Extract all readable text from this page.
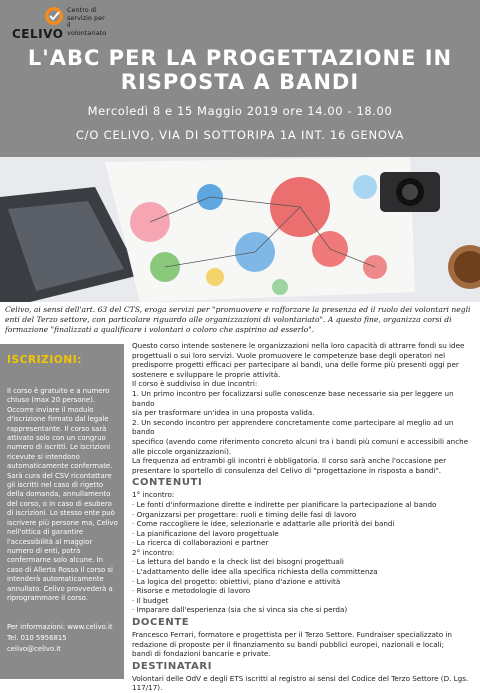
CELIVO
Centro di
servizio per il
volontariato
L'ABC PER LA PROGETTAZIONE IN
RISPOSTA A BANDI
Mercoledì 8 e 15 Maggio 2019 ore 14.00 - 18.00
C/O CELIVO, VIA DI SOTTORIPA 1A INT. 16 GENOVA
Celivo, ai sensi dell'art. 63 del CTS, eroga servizi per "promuovere e rafforzare la presenza ed il ruolo dei volontari negli enti del Terzo settore, con particolare riguardo alle organizzazioni di volontariato". A questo fine, organizza corsi di formazione "finalizzati a qualificare i volontari o coloro che aspirino ad esserlo".
ISCRIZIONI:
Il corso è gratuito e a numero chiuso (max 20 persone). Occorre inviare il modulo d'iscrizione firmato dal legale rappresentante. Il corso sarà attivato solo con un congruo numero di iscritti. Le iscrizioni ricevute si intendono automaticamente confermate. Sarà cura del CSV ricontattare gli iscritti nel caso di rigetto della domanda, annullamento del corso, o in caso di esubero di iscrizioni. Lo stesso ente può iscrivere più persone ma, Celivo nell'ottica di garantire l'accessibilità al maggior numero di enti, potrà confermarne solo alcune. In caso di Allerta Rossa il corso si intenderà automaticamente annullato. Celivo provvederà a riprogrammare il corso.
Per informazioni: www.celivo.it
Tel. 010 5956815
celivo@celivo.it

Questo corso intende sostenere le organizzazioni nella loro capacità di attrarre fondi su idee

progettuali o sui loro servizi. Vuole promuovere le competenze base degli operatori nel

predisporre progetti efficaci per partecipare ai bandi, una delle forme più presenti oggi per

sostenere e sviluppare le proprie attività.

Il corso è suddiviso in due incontri:

1. Un primo incontro per focalizzarsi sulle conoscenze base necessarie sia per leggere un bando

sia per trasformare un'idea in una proposta valida.

2. Un secondo incontro per apprendere concretamente come partecipare al meglio ad un bando

specifico (avendo come riferimento concreto alcuni tra i bandi più comuni e accessibili anche

alle piccole organizzazioni).

La frequenza ad entrambi gli incontri è obbligatoria. Il corso sarà anche l'occasione per

presentare lo sportello di consulenza del Celivo di "progettazione in risposta a bandi".

CONTENUTI

1° incontro:

· Le fonti d'informazione dirette e indirette per pianificare la partecipazione al bando

· Organizzarsi per progettare: ruoli e timing delle fasi di lavoro

· Come raccogliere le idee, selezionarle e adattarle alle priorità dei bandi

· La pianificazione del lavoro progettuale

· La ricerca di collaborazioni e partner

2° incontro:

· La lettura del bando e la check list dei bisogni progettuali

· L'adattamento delle idee alla specifica richiesta della committenza

· La logica del progetto: obiettivi, piano d'azione e attività

· Risorse e metodologie di lavoro

· Il budget

· Imparare dall'esperienza (sia che si vinca sia che si perda)

DOCENTE

Francesco Ferrari, formatore e progettista per il Terzo Settore. Fundraiser specializzato in

redazione di proposte per il finanziamento su bandi pubblici europei, nazionali e locali;

bandi di fondazioni bancarie e private.

DESTINATARI

Volontari delle OdV e degli ETS iscritti al registro ai sensi del Codice del Terzo Settore (D. Lgs.

117/17).
